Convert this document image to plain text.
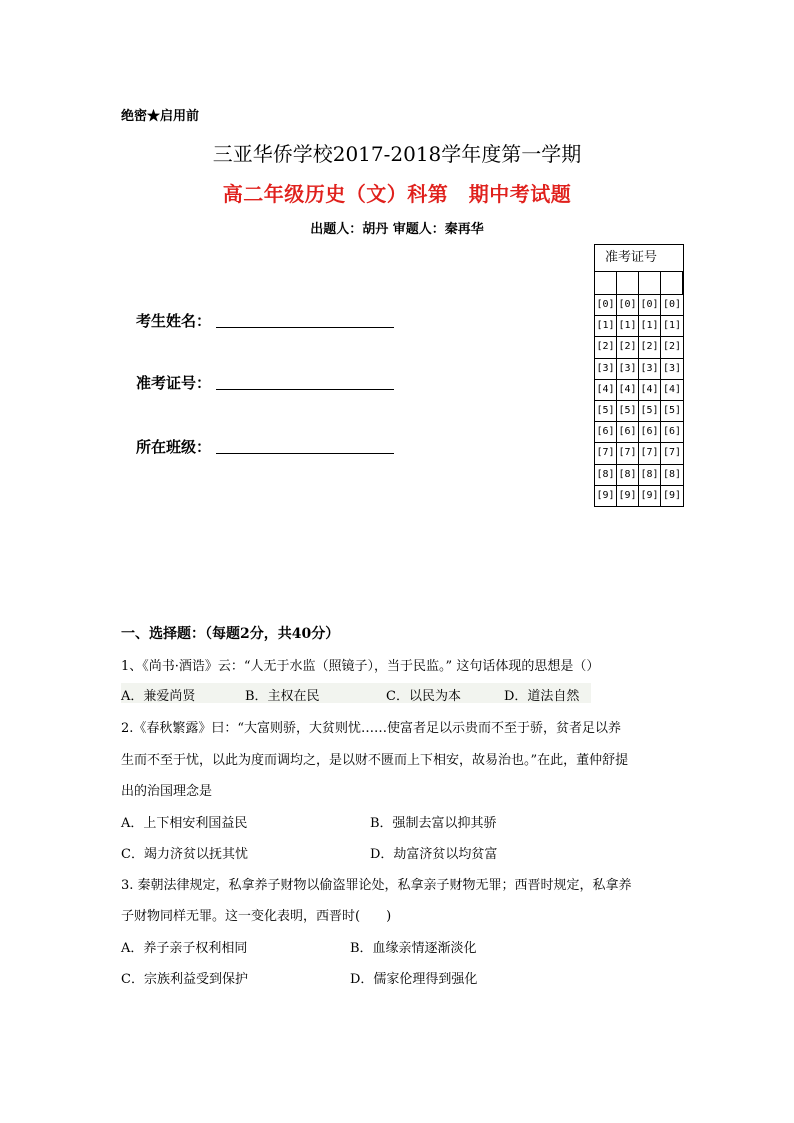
绝密★启用前
三亚华侨学校2017-2018学年度第一学期
高二年级历史（文）科第　期中考试题
出题人：胡丹 审题人：秦再华
考生姓名：
准考证号：
所在班级：
准考证号
[0] [0] [0] [0]
[1] [1] [1] [1]
[2] [2] [2] [2]
[3] [3] [3] [3]
[4] [4] [4] [4]
[5] [5] [5] [5]
[6] [6] [6] [6]
[7] [7] [7] [7]
[8] [8] [8] [8]
[9] [9] [9] [9]
一、选择题：（每题2分，共40分）
1、《尚书·酒诰》云：“人无于水监（照镜子），当于民监。” 这句话体现的思想是（）
A．兼爱尚贤	B．主权在民	C．以民为本	D．道法自然
2.《春秋繁露》曰：“大富则骄，大贫则忧……使富者足以示贵而不至于骄，贫者足以养
生而不至于忧，以此为度而调均之，是以财不匮而上下相安，故易治也。”在此，董仲舒提
出的治国理念是
A．上下相安利国益民	B．强制去富以抑其骄
C．竭力济贫以抚其忧	D．劫富济贫以均贫富
3. 秦朝法律规定，私拿养子财物以偷盗罪论处，私拿亲子财物无罪；西晋时规定，私拿养
子财物同样无罪。这一变化表明，西晋时(　　)
A．养子亲子权利相同	B．血缘亲情逐渐淡化
C．宗族利益受到保护	D．儒家伦理得到强化
